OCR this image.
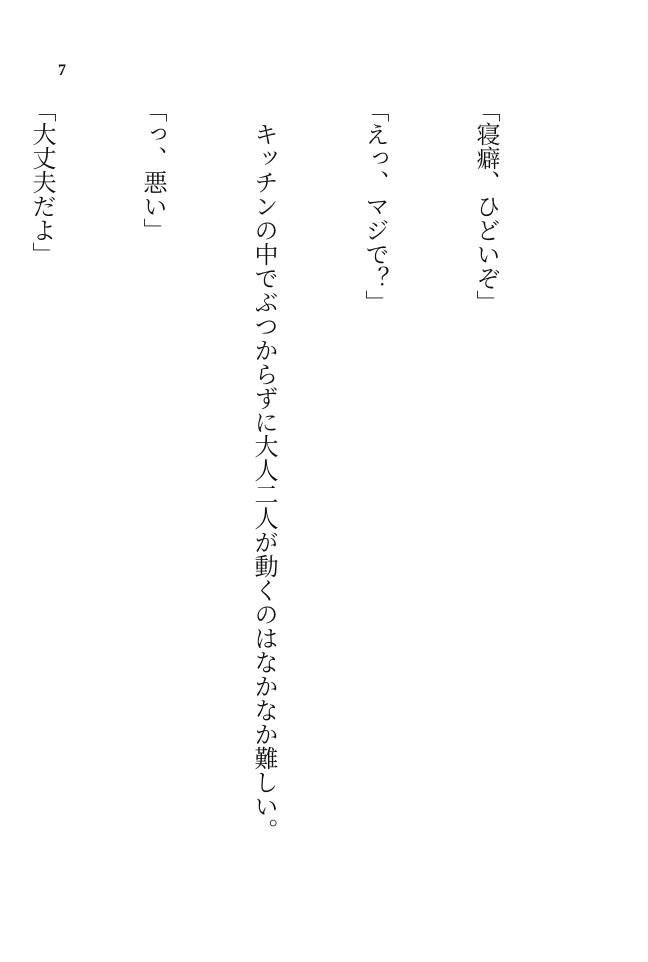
7

「寝癖、ひどいぞ」

「えっ、マジで？」

　キッチンの中でぶつからずに大人二人が動くのはなかなか難しい。

「っ、悪い」

「大丈夫だよ」
